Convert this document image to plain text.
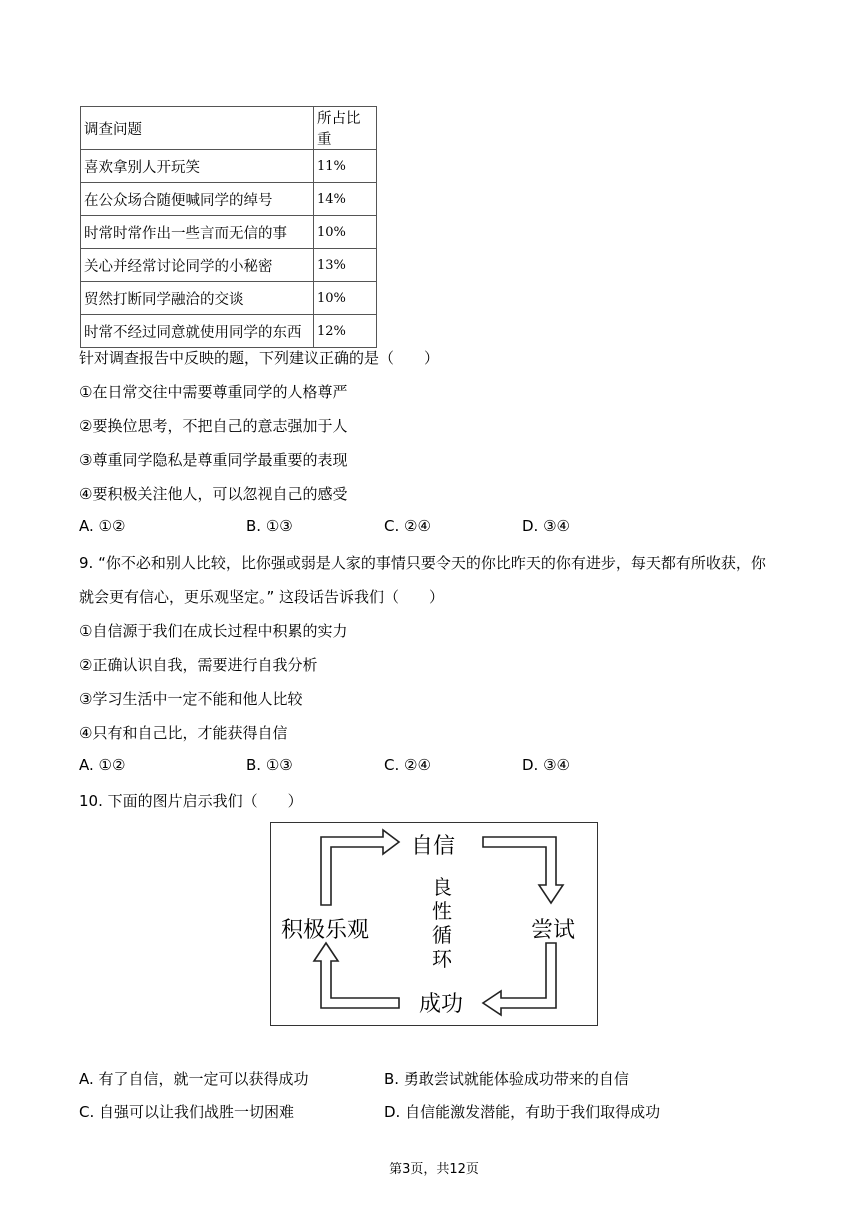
调查问题	所占比重
喜欢拿别人开玩笑	11%
在公众场合随便喊同学的绰号	14%
时常时常作出一些言而无信的事	10%
关心并经常讨论同学的小秘密	13%
贸然打断同学融洽的交谈	10%
时常不经过同意就使用同学的东西	12%
针对调查报告中反映的题，下列建议正确的是（　　）
①在日常交往中需要尊重同学的人格尊严
②要换位思考，不把自己的意志强加于人
③尊重同学隐私是尊重同学最重要的表现
④要积极关注他人，可以忽视自己的感受
A. ①②	B. ①③	C. ②④	D. ③④
9. “你不必和别人比较，比你强或弱是人家的事情只要令天的你比昨天的你有进步，每天都有所收获，你
就会更有信心，更乐观坚定。” 这段话告诉我们（　　）
①自信源于我们在成长过程中积累的实力
②正确认识自我，需要进行自我分析
③学习生活中一定不能和他人比较
④只有和自己比，才能获得自信
A. ①②	B. ①③	C. ②④	D. ③④
10. 下面的图片启示我们（　　）
自信
尝试
成功
积极乐观
良
性
循
环
A. 有了自信，就一定可以获得成功	B. 勇敢尝试就能体验成功带来的自信
C. 自强可以让我们战胜一切困难	D. 自信能激发潜能，有助于我们取得成功
第3页，共12页
